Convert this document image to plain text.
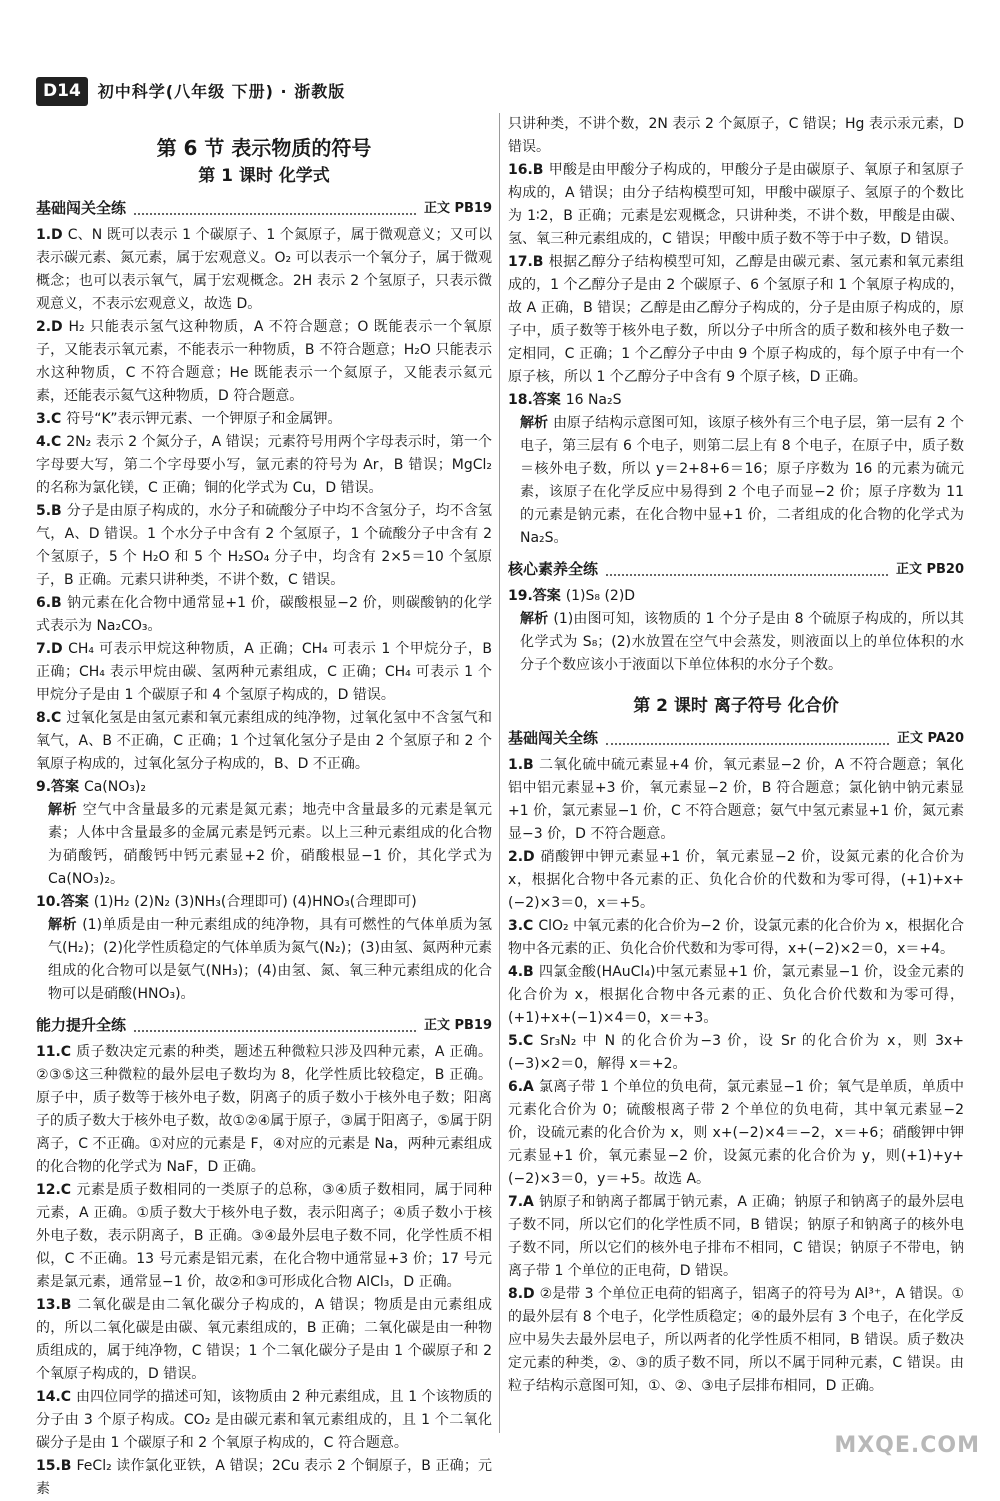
D14	初中科学(八年级 下册) · 浙教版
第 6 节 表示物质的符号
第 1 课时 化学式
基础闯关全练	正文 PB19

1.D C、N 既可以表示 1 个碳原子、1 个氮原子，属于微观意义；又可以表示碳元素、氮元素，属于宏观意义。O₂ 可以表示一个氧分子，属于微观概念；也可以表示氧气，属于宏观概念。2H 表示 2 个氢原子，只表示微观意义，不表示宏观意义，故选 D。

2.D H₂ 只能表示氢气这种物质，A 不符合题意；O 既能表示一个氧原子，又能表示氧元素，不能表示一种物质，B 不符合题意；H₂O 只能表示水这种物质，C 不符合题意；He 既能表示一个氦原子，又能表示氦元素，还能表示氦气这种物质，D 符合题意。

3.C 符号“K”表示钾元素、一个钾原子和金属钾。

4.C 2N₂ 表示 2 个氮分子，A 错误；元素符号用两个字母表示时，第一个字母要大写，第二个字母要小写，氩元素的符号为 Ar，B 错误；MgCl₂ 的名称为氯化镁，C 正确；铜的化学式为 Cu，D 错误。

5.B 分子是由原子构成的，水分子和硫酸分子中均不含氢分子，均不含氢气，A、D 错误。1 个水分子中含有 2 个氢原子，1 个硫酸分子中含有 2 个氢原子，5 个 H₂O 和 5 个 H₂SO₄ 分子中，均含有 2×5＝10 个氢原子，B 正确。元素只讲种类，不讲个数，C 错误。

6.B 钠元素在化合物中通常显+1 价，碳酸根显−2 价，则碳酸钠的化学式表示为 Na₂CO₃。

7.D CH₄ 可表示甲烷这种物质，A 正确；CH₄ 可表示 1 个甲烷分子，B 正确；CH₄ 表示甲烷由碳、氢两种元素组成，C 正确；CH₄ 可表示 1 个甲烷分子是由 1 个碳原子和 4 个氢原子构成的，D 错误。

8.C 过氧化氢是由氢元素和氧元素组成的纯净物，过氧化氢中不含氢气和氧气，A、B 不正确，C 正确；1 个过氧化氢分子是由 2 个氢原子和 2 个氧原子构成的，过氧化氢分子构成的，B、D 不正确。

9.答案 Ca(NO₃)₂

解析 空气中含量最多的元素是氮元素；地壳中含量最多的元素是氧元素；人体中含量最多的金属元素是钙元素。以上三种元素组成的化合物为硝酸钙，硝酸钙中钙元素显+2 价，硝酸根显−1 价，其化学式为 Ca(NO₃)₂。

10.答案 (1)H₂ (2)N₂ (3)NH₃(合理即可) (4)HNO₃(合理即可)

解析 (1)单质是由一种元素组成的纯净物，具有可燃性的气体单质为氢气(H₂)；(2)化学性质稳定的气体单质为氮气(N₂)；(3)由氢、氮两种元素组成的化合物可以是氨气(NH₃)；(4)由氢、氮、氧三种元素组成的化合物可以是硝酸(HNO₃)。

能力提升全练	正文 PB19

11.C 质子数决定元素的种类，题述五种微粒只涉及四种元素，A 正确。②③⑤这三种微粒的最外层电子数均为 8，化学性质比较稳定，B 正确。原子中，质子数等于核外电子数，阴离子的质子数小于核外电子数；阳离子的质子数大于核外电子数，故①②④属于原子，③属于阳离子，⑤属于阴离子，C 不正确。①对应的元素是 F，④对应的元素是 Na，两种元素组成的化合物的化学式为 NaF，D 正确。

12.C 元素是质子数相同的一类原子的总称，③④质子数相同，属于同种元素，A 正确。①质子数大于核外电子数，表示阳离子；④质子数小于核外电子数，表示阴离子，B 正确。③④最外层电子数不同，化学性质不相似，C 不正确。13 号元素是铝元素，在化合物中通常显+3 价；17 号元素是氯元素，通常显−1 价，故②和③可形成化合物 AlCl₃，D 正确。

13.B 二氧化碳是由二氧化碳分子构成的，A 错误；物质是由元素组成的，所以二氧化碳是由碳、氧元素组成的，B 正确；二氧化碳是由一种物质组成的，属于纯净物，C 错误；1 个二氧化碳分子是由 1 个碳原子和 2 个氧原子构成的，D 错误。

14.C 由四位同学的描述可知，该物质由 2 种元素组成，且 1 个该物质的分子由 3 个原子构成。CO₂ 是由碳元素和氧元素组成的，且 1 个二氧化碳分子是由 1 个碳原子和 2 个氧原子构成的，C 符合题意。

15.B FeCl₂ 读作氯化亚铁，A 错误；2Cu 表示 2 个铜原子，B 正确；元素

只讲种类，不讲个数，2N 表示 2 个氮原子，C 错误；Hg 表示汞元素，D 错误。

16.B 甲酸是由甲酸分子构成的，甲酸分子是由碳原子、氧原子和氢原子构成的，A 错误；由分子结构模型可知，甲酸中碳原子、氢原子的个数比为 1∶2，B 正确；元素是宏观概念，只讲种类，不讲个数，甲酸是由碳、氢、氧三种元素组成的，C 错误；甲酸中质子数不等于中子数，D 错误。

17.B 根据乙醇分子结构模型可知，乙醇是由碳元素、氢元素和氧元素组成的，1 个乙醇分子是由 2 个碳原子、6 个氢原子和 1 个氧原子构成的，故 A 正确，B 错误；乙醇是由乙醇分子构成的，分子是由原子构成的，原子中，质子数等于核外电子数，所以分子中所含的质子数和核外电子数一定相同，C 正确；1 个乙醇分子中由 9 个原子构成的，每个原子中有一个原子核，所以 1 个乙醇分子中含有 9 个原子核，D 正确。

18.答案 16 Na₂S

解析 由原子结构示意图可知，该原子核外有三个电子层，第一层有 2 个电子，第三层有 6 个电子，则第二层上有 8 个电子，在原子中，质子数＝核外电子数，所以 y＝2+8+6＝16；原子序数为 16 的元素为硫元素，该原子在化学反应中易得到 2 个电子而显−2 价；原子序数为 11 的元素是钠元素，在化合物中显+1 价，二者组成的化合物的化学式为 Na₂S。

核心素养全练	正文 PB20

19.答案 (1)S₈ (2)D

解析 (1)由图可知，该物质的 1 个分子是由 8 个硫原子构成的，所以其化学式为 S₈；(2)水放置在空气中会蒸发，则液面以上的单位体积的水分子个数应该小于液面以下单位体积的水分子个数。

第 2 课时 离子符号 化合价
基础闯关全练	正文 PA20

1.B 二氧化硫中硫元素显+4 价，氧元素显−2 价，A 不符合题意；氧化铝中铝元素显+3 价，氧元素显−2 价，B 符合题意；氯化钠中钠元素显+1 价，氯元素显−1 价，C 不符合题意；氨气中氢元素显+1 价，氮元素显−3 价，D 不符合题意。

2.D 硝酸钾中钾元素显+1 价，氧元素显−2 价，设氮元素的化合价为 x，根据化合物中各元素的正、负化合价的代数和为零可得，(+1)+x+(−2)×3＝0，x＝+5。

3.C ClO₂ 中氧元素的化合价为−2 价，设氯元素的化合价为 x，根据化合物中各元素的正、负化合价代数和为零可得，x+(−2)×2＝0，x＝+4。

4.B 四氯金酸(HAuCl₄)中氢元素显+1 价，氯元素显−1 价，设金元素的化合价为 x，根据化合物中各元素的正、负化合价代数和为零可得，(+1)+x+(−1)×4＝0，x＝+3。

5.C Sr₃N₂ 中 N 的化合价为−3 价，设 Sr 的化合价为 x，则 3x+(−3)×2＝0，解得 x＝+2。

6.A 氯离子带 1 个单位的负电荷，氯元素显−1 价；氧气是单质，单质中元素化合价为 0；硫酸根离子带 2 个单位的负电荷，其中氧元素显−2 价，设硫元素的化合价为 x，则 x+(−2)×4＝−2，x＝+6；硝酸钾中钾元素显+1 价，氧元素显−2 价，设氮元素的化合价为 y，则(+1)+y+(−2)×3＝0，y＝+5。故选 A。

7.A 钠原子和钠离子都属于钠元素，A 正确；钠原子和钠离子的最外层电子数不同，所以它们的化学性质不同，B 错误；钠原子和钠离子的核外电子数不同，所以它们的核外电子排布不相同，C 错误；钠原子不带电，钠离子带 1 个单位的正电荷，D 错误。

8.D ②是带 3 个单位正电荷的铝离子，铝离子的符号为 Al³⁺，A 错误。①的最外层有 8 个电子，化学性质稳定；④的最外层有 3 个电子，在化学反应中易失去最外层电子，所以两者的化学性质不相同，B 错误。质子数决定元素的种类，②、③的质子数不同，所以不属于同种元素，C 错误。由粒子结构示意图可知，①、②、③电子层排布相同，D 正确。

MXQE.COM
